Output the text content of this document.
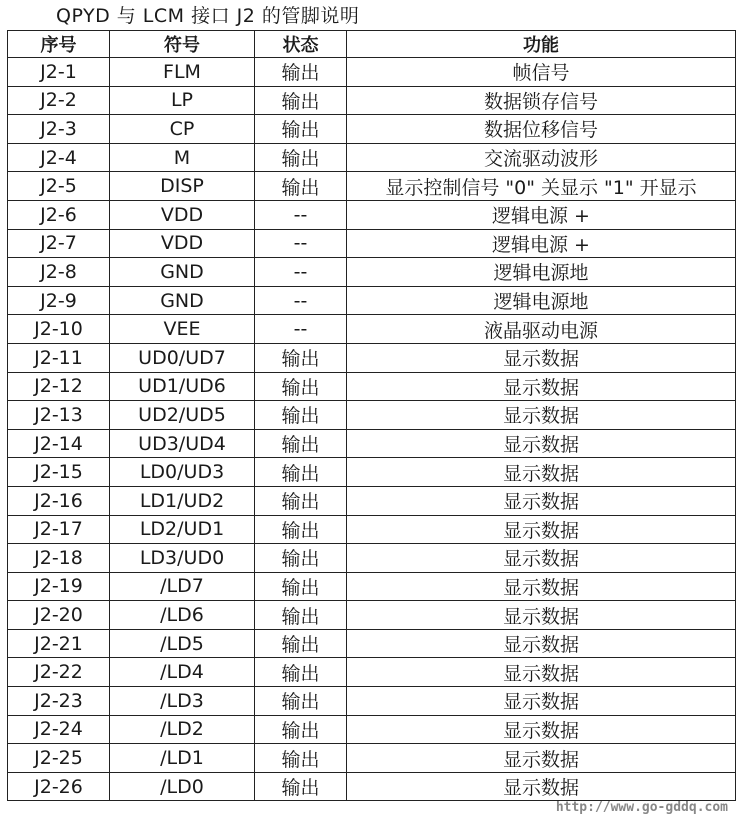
QPYD 与 LCM 接口 J2 的管脚说明
序号	符号	状态	功能
J2-1	FLM	输出	帧信号
J2-2	LP	输出	数据锁存信号
J2-3	CP	输出	数据位移信号
J2-4	M	输出	交流驱动波形
J2-5	DISP	输出	显示控制信号 "0" 关显示 "1" 开显示
J2-6	VDD	--	逻辑电源 +
J2-7	VDD	--	逻辑电源 +
J2-8	GND	--	逻辑电源地
J2-9	GND	--	逻辑电源地
J2-10	VEE	--	液晶驱动电源
J2-11	UD0/UD7	输出	显示数据
J2-12	UD1/UD6	输出	显示数据
J2-13	UD2/UD5	输出	显示数据
J2-14	UD3/UD4	输出	显示数据
J2-15	LD0/UD3	输出	显示数据
J2-16	LD1/UD2	输出	显示数据
J2-17	LD2/UD1	输出	显示数据
J2-18	LD3/UD0	输出	显示数据
J2-19	/LD7	输出	显示数据
J2-20	/LD6	输出	显示数据
J2-21	/LD5	输出	显示数据
J2-22	/LD4	输出	显示数据
J2-23	/LD3	输出	显示数据
J2-24	/LD2	输出	显示数据
J2-25	/LD1	输出	显示数据
J2-26	/LD0	输出	显示数据
http://www.go-gddq.com
